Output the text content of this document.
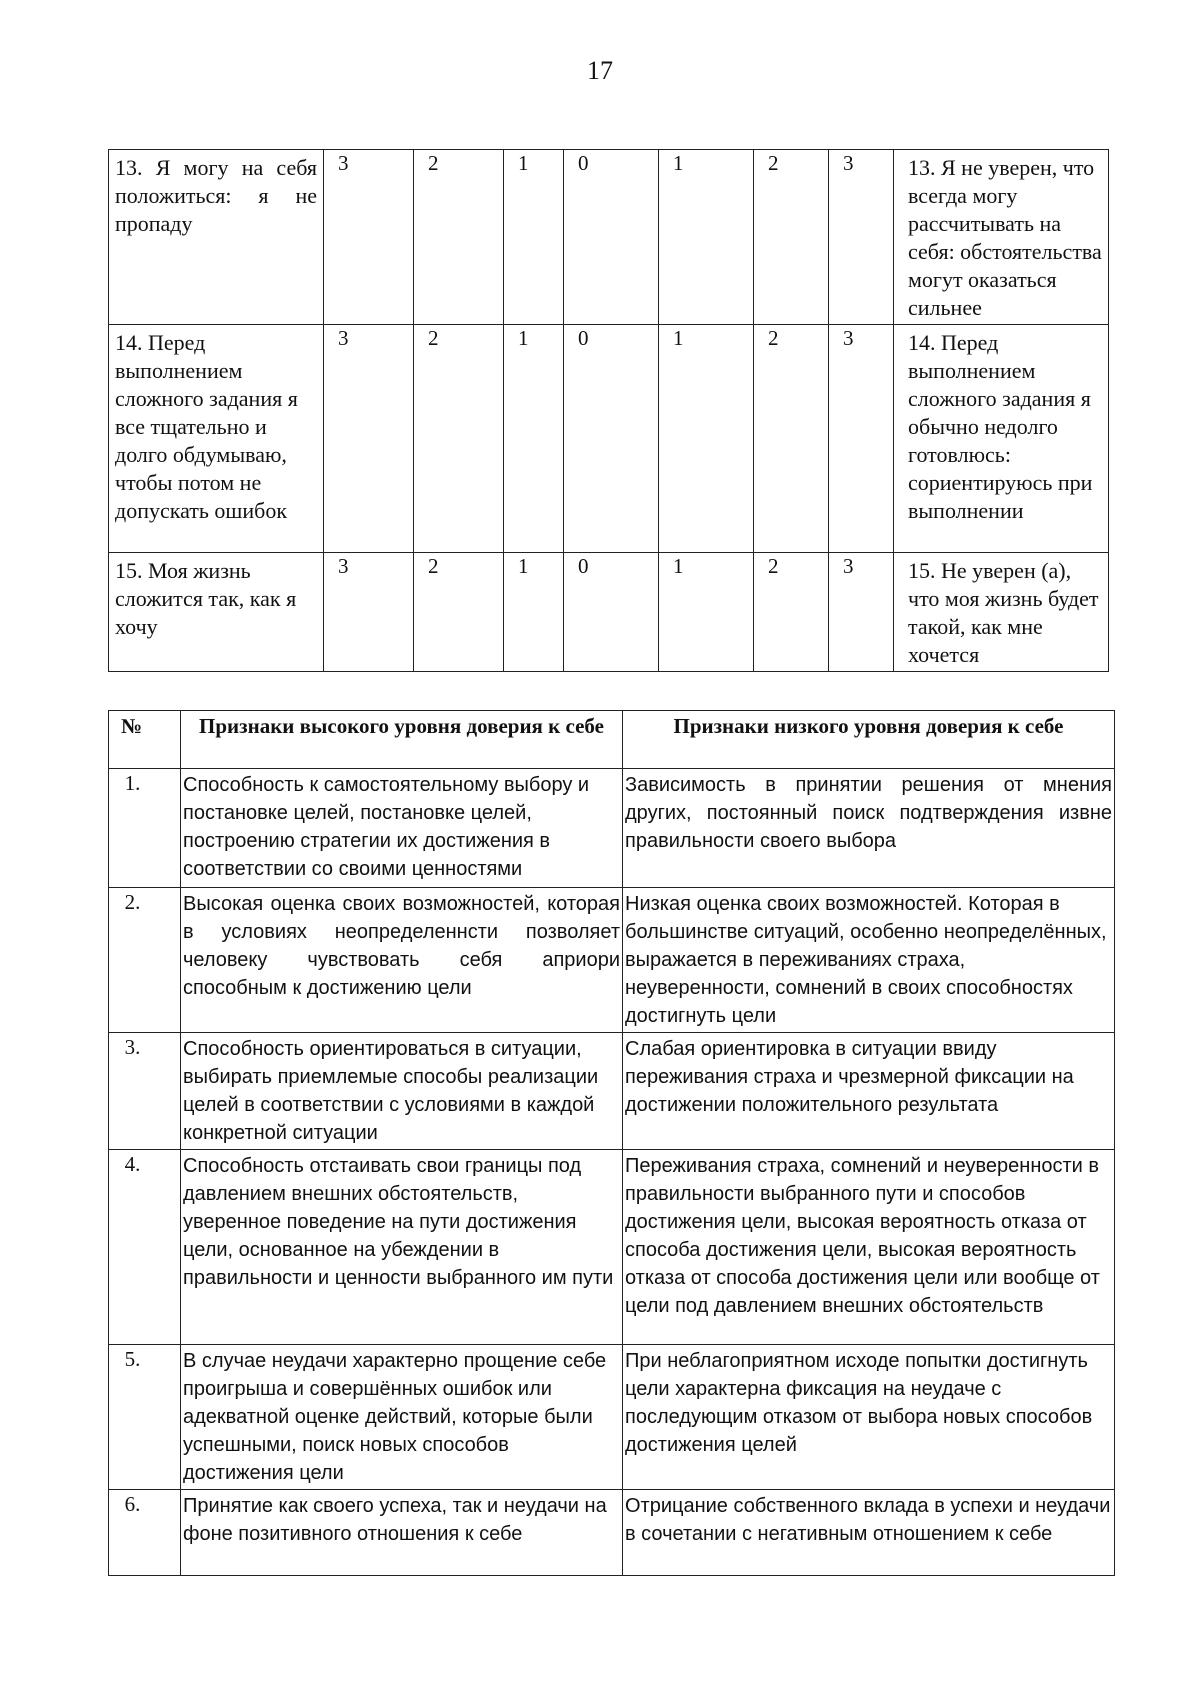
17
13. Я могу на себя положиться: я не пропаду	3	2	1	0	1	2	3	13. Я не уверен, что всегда могу рассчитывать на себя: обстоятельства могут оказаться сильнее
14. Перед выполнением сложного задания я все тщательно и долго обдумываю, чтобы потом не допускать ошибок	3	2	1	0	1	2	3	14. Перед выполнением сложного задания я обычно недолго готовлюсь: сориентируюсь при выполнении
15. Моя жизнь сложится так, как я хочу	3	2	1	0	1	2	3	15. Не уверен (а), что моя жизнь будет такой, как мне хочется
№	Признаки высокого уровня доверия к себе	Признаки низкого уровня доверия к себе
1.	Способность к самостоятельному выбору и постановке целей, постановке целей, построению стратегии их достижения в соответствии со своими ценностями	Зависимость в принятии решения от мнения других, постоянный поиск подтверждения извне правильности своего выбора
2.	Высокая оценка своих возможностей, которая в условиях неопределеннсти позволяет человеку чувствовать себя априори способным к достижению цели	Низкая оценка своих возможностей. Которая в большинстве ситуаций, особенно неопределённых, выражается в переживаниях страха, неуверенности, сомнений в своих способностях достигнуть цели
3.	Способность ориентироваться в ситуации, выбирать приемлемые способы реализации целей в соответствии с условиями в каждой конкретной ситуации	Слабая ориентировка в ситуации ввиду переживания страха и чрезмерной фиксации на достижении положительного результата
4.	Способность отстаивать свои границы под давлением внешних обстоятельств, уверенное поведение на пути достижения цели, основанное на убеждении в правильности и ценности выбранного им пути	Переживания страха, сомнений и неуверенности в правильности выбранного пути и способов достижения цели, высокая вероятность отказа от способа достижения цели, высокая вероятность отказа от способа достижения цели или вообще от цели под давлением внешних обстоятельств
5.	В случае неудачи характерно прощение себе проигрыша и совершённых ошибок или адекватной оценке действий, которые были успешными, поиск новых способов достижения цели	При неблагоприятном исходе попытки достигнуть цели характерна фиксация на неудаче с последующим отказом от выбора новых способов достижения целей
6.	Принятие как своего успеха, так и неудачи на фоне позитивного отношения к себе	Отрицание собственного вклада в успехи и неудачи в сочетании с негативным отношением к себе
